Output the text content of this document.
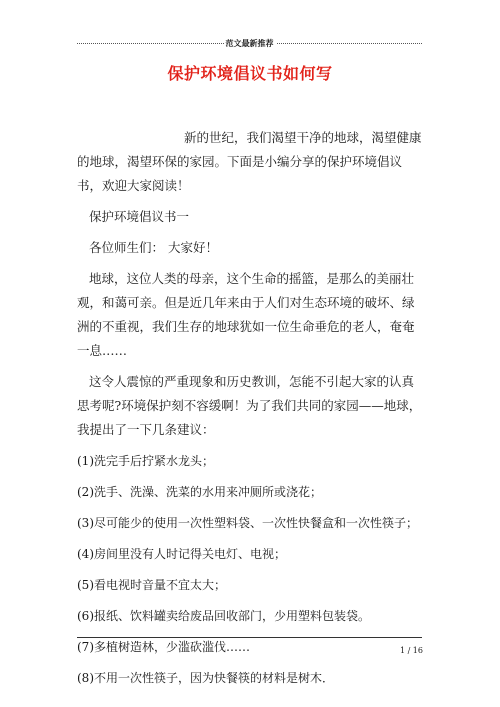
范文最新推荐
保护环境倡议书如何写

新的世纪，我们渴望干净的地球，渴望健康的地球，渴望环保的家园。下面是小编分享的保护环境倡议书，欢迎大家阅读！

保护环境倡议书一

各位师生们： 大家好！

地球，这位人类的母亲，这个生命的摇篮，是那么的美丽壮观，和蔼可亲。但是近几年来由于人们对生态环境的破坏、绿洲的不重视，我们生存的地球犹如一位生命垂危的老人，奄奄一息……

这令人震惊的严重现象和历史教训，怎能不引起大家的认真思考呢?环境保护刻不容缓啊！为了我们共同的家园——地球，我提出了一下几条建议：

(1)洗完手后拧紧水龙头；

(2)洗手、洗澡、洗菜的水用来冲厕所或浇花；

(3)尽可能少的使用一次性塑料袋、一次性快餐盒和一次性筷子；

(4)房间里没有人时记得关电灯、电视；

(5)看电视时音量不宜太大；

(6)报纸、饮料罐卖给废品回收部门，少用塑料包装袋。

(7)多植树造林，少滥砍滥伐……

(8)不用一次性筷子，因为快餐筷的材料是树木．

1 / 16
